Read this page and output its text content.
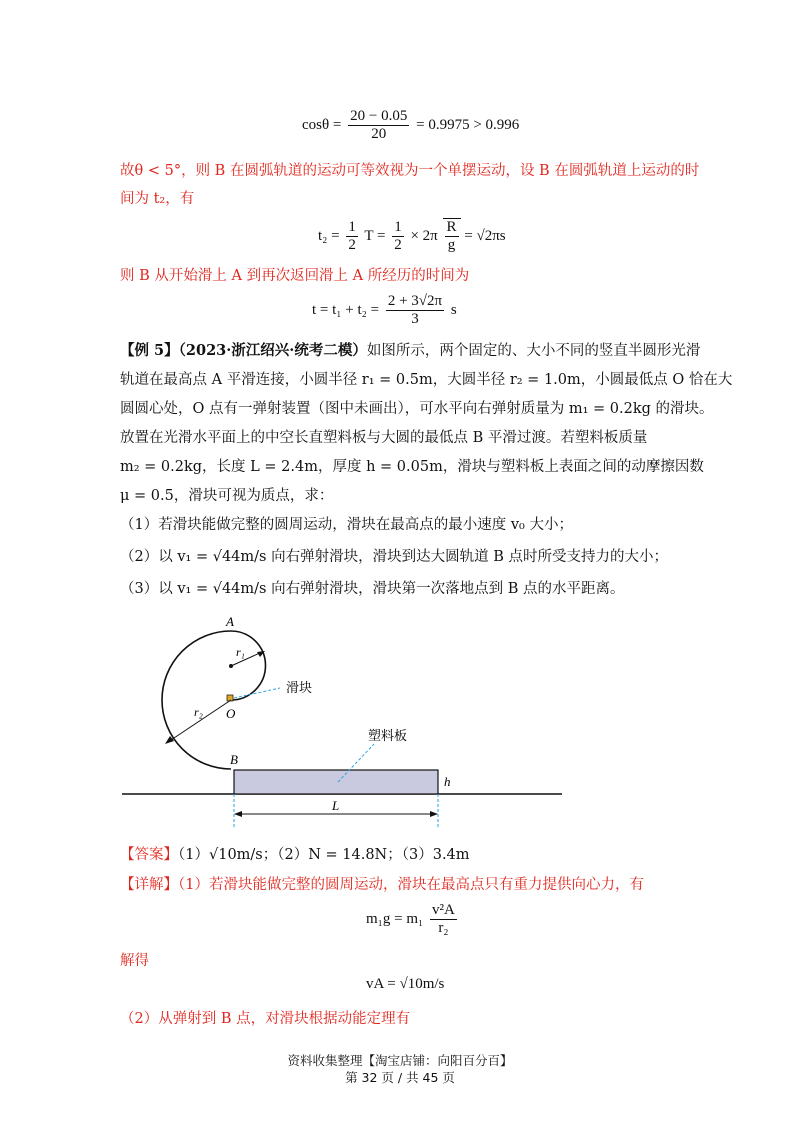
$\cos\theta = \frac{20 - 0.05}{20} = 0.9975 > 0.996$
故θ < 5°，则 B 在圆弧轨道的运动可等效视为一个单摆运动，设 B 在圆弧轨道上运动的时
间为 t₂，有
$t_2 = \frac{1}{2}$ $T = \frac{1}{2} \times 2\pi \frac{R}{g} = √2\pi s$
则 B 从开始滑上 A 到再次返回滑上 A 所经历的时间为
$t = t_1 + t_2 = \frac{2 + 3√2\pi}{3}$ s
【例 5】（2023·浙江绍兴·统考二模）如图所示，两个固定的、大小不同的竖直半圆形光滑
轨道在最高点 A 平滑连接，小圆半径 r₁ = 0.5m，大圆半径 r₂ = 1.0m，小圆最低点 O 恰在大
圆圆心处，O 点有一弹射装置（图中未画出），可水平向右弹射质量为 m₁ = 0.2kg 的滑块。
放置在光滑水平面上的中空长直塑料板与大圆的最低点 B 平滑过渡。若塑料板质量
m₂ = 0.2kg，长度 L = 2.4m，厚度 h = 0.05m，滑块与塑料板上表面之间的动摩擦因数
μ = 0.5，滑块可视为质点，求：
（1）若滑块能做完整的圆周运动，滑块在最高点的最小速度 v₀ 大小；
（2）以 v₁ = √44m/s 向右弹射滑块，滑块到达大圆轨道 B 点时所受支持力的大小；
（3）以 v₁ = √44m/s 向右弹射滑块，滑块第一次落地点到 B 点的水平距离。
A
r₁
滑块
O
r₂
塑料板
B
h
L
【答案】（1）√10m/s；（2）N = 14.8N；（3）3.4m
【详解】（1）若滑块能做完整的圆周运动，滑块在最高点只有重力提供向心力，有
$m_1g = m_1 \frac{\text{v²A}}{\text{r₂}}$
解得
vA = √10m/s
（2）从弹射到 B 点，对滑块根据动能定理有
资料收集整理【淘宝店铺：向阳百分百】
第 32 页 / 共 45 页
